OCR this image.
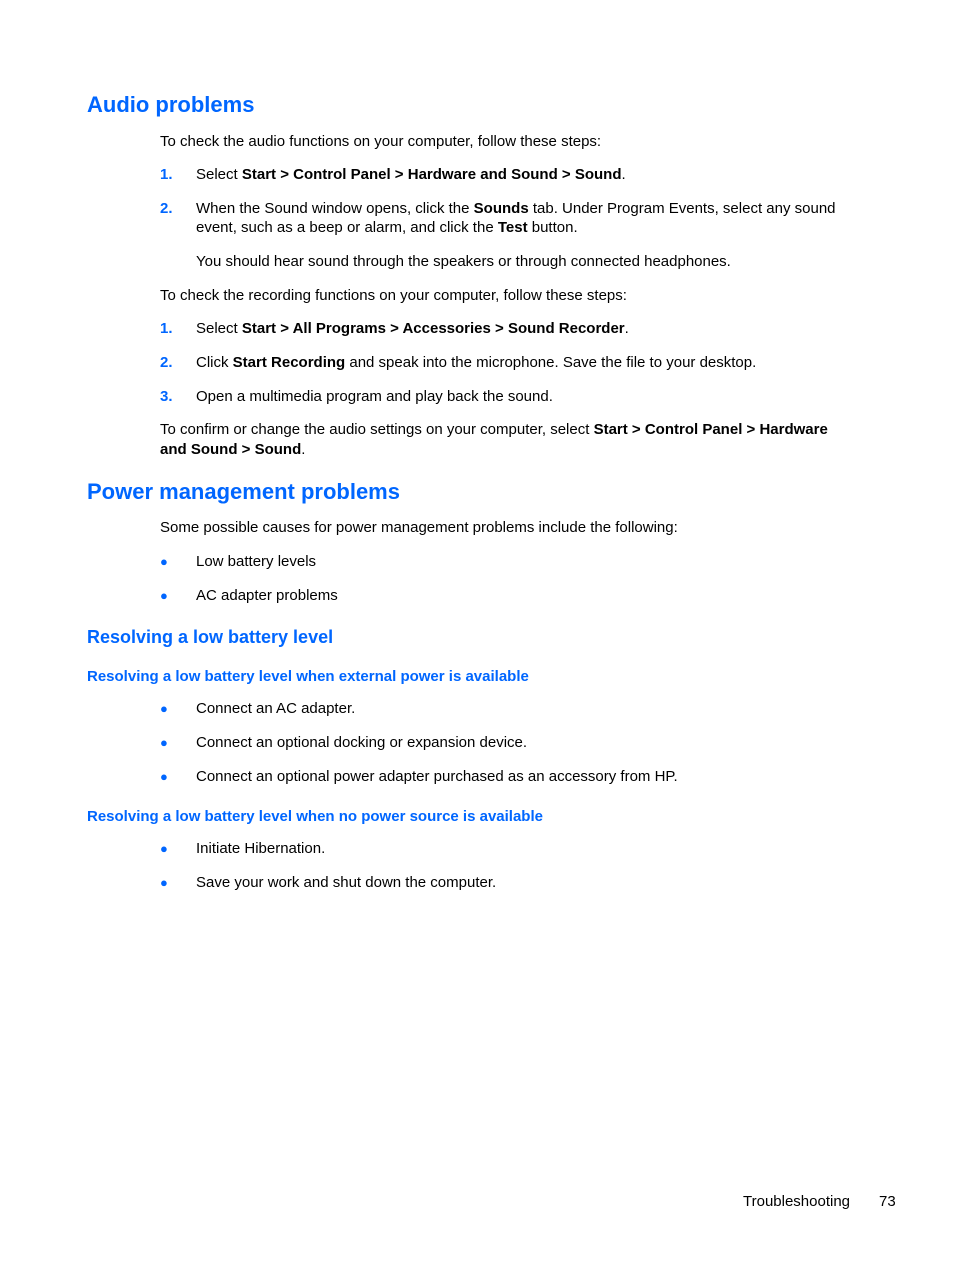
Audio problems

To check the audio functions on your computer, follow these steps:

1. Select Start > Control Panel > Hardware and Sound > Sound.

2. When the Sound window opens, click the Sounds tab. Under Program Events, select any sound

event, such as a beep or alarm, and click the Test button.

You should hear sound through the speakers or through connected headphones.

To check the recording functions on your computer, follow these steps:

1. Select Start > All Programs > Accessories > Sound Recorder.

2. Click Start Recording and speak into the microphone. Save the file to your desktop.

3. Open a multimedia program and play back the sound.

To confirm or change the audio settings on your computer, select Start > Control Panel > Hardware

and Sound > Sound.

Power management problems

Some possible causes for power management problems include the following:

● Low battery levels

● AC adapter problems

Resolving a low battery level
Resolving a low battery level when external power is available
● Connect an AC adapter.

● Connect an optional docking or expansion device.

● Connect an optional power adapter purchased as an accessory from HP.

Resolving a low battery level when no power source is available
● Initiate Hibernation.

● Save your work and shut down the computer.

Troubleshooting 73
